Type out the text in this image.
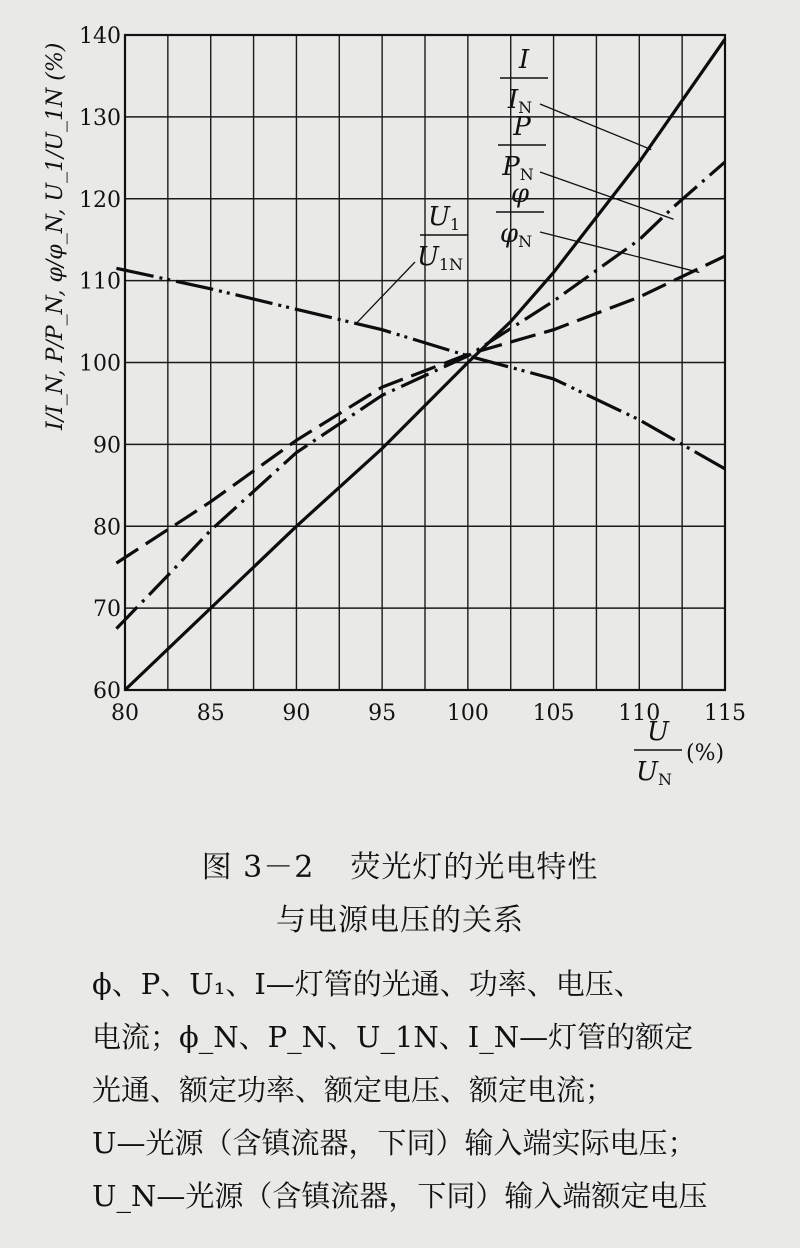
80	85	90	95 100 105 110 115
60
70
80
90
100
110
120
130
140
I
IN
P
PN
φ
φN
U1
U1N
U
UN
(%)
I/I_N, P/P_N, φ/φ_N, U_1/U_1N (%)
图 3－2 荧光灯的光电特性
与电源电压的关系
ϕ、P、U₁、I—灯管的光通、功率、电压、
电流；ϕ_N、P_N、U_1N、I_N—灯管的额定
光通、额定功率、额定电压、额定电流；
U—光源（含镇流器，下同）输入端实际电压；
U_N—光源（含镇流器，下同）输入端额定电压
